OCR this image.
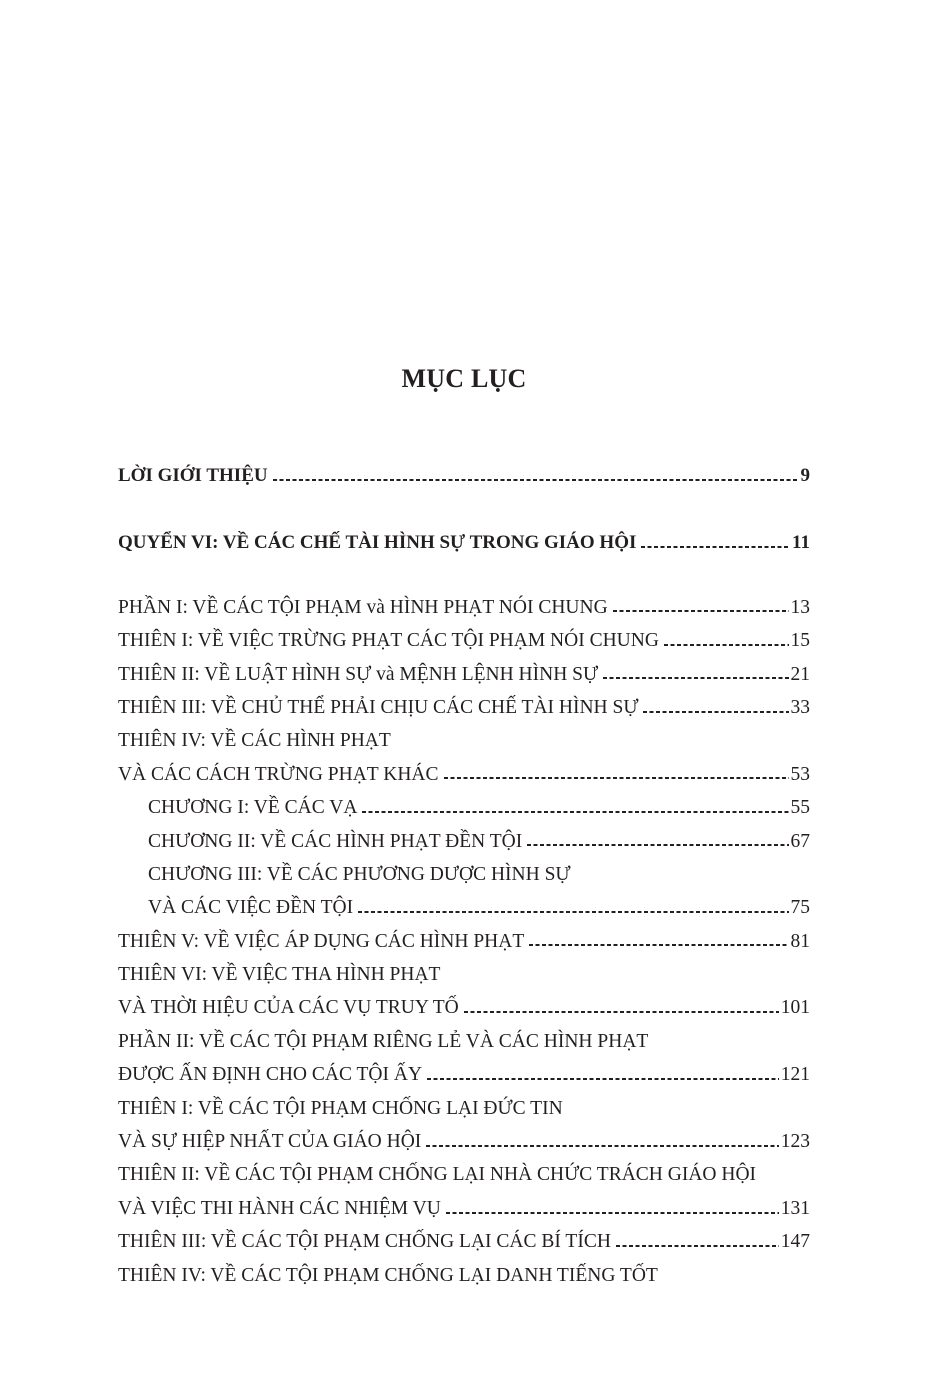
MỤC LỤC
LỜI GIỚI THIỆU	9
QUYỂN VI: VỀ CÁC CHẾ TÀI HÌNH SỰ TRONG GIÁO HỘI	11
PHẦN I: VỀ CÁC TỘI PHẠM và HÌNH PHẠT NÓI CHUNG	13
THIÊN I: VỀ VIỆC TRỪNG PHẠT CÁC TỘI PHẠM NÓI CHUNG	15
THIÊN II: VỀ LUẬT HÌNH SỰ và MỆNH LỆNH HÌNH SỰ	21
THIÊN III: VỀ CHỦ THỂ PHẢI CHỊU CÁC CHẾ TÀI HÌNH SỰ	33
THIÊN IV: VỀ CÁC HÌNH PHẠT
VÀ CÁC CÁCH TRỪNG PHẠT KHÁC	53
CHƯƠNG I: VỀ CÁC VẠ	55
CHƯƠNG II: VỀ CÁC HÌNH PHẠT ĐỀN TỘI	67
CHƯƠNG III: VỀ CÁC PHƯƠNG DƯỢC HÌNH SỰ
VÀ CÁC VIỆC ĐỀN TỘI	75
THIÊN V: VỀ VIỆC ÁP DỤNG CÁC HÌNH PHẠT	81
THIÊN VI: VỀ VIỆC THA HÌNH PHẠT
VÀ THỜI HIỆU CỦA CÁC VỤ TRUY TỐ	101
PHẦN II: VỀ CÁC TỘI PHẠM RIÊNG LẺ VÀ CÁC HÌNH PHẠT
ĐƯỢC ẤN ĐỊNH CHO CÁC TỘI ẤY	121
THIÊN I: VỀ CÁC TỘI PHẠM CHỐNG LẠI ĐỨC TIN
VÀ SỰ HIỆP NHẤT CỦA GIÁO HỘI	123
THIÊN II: VỀ CÁC TỘI PHẠM CHỐNG LẠI NHÀ CHỨC TRÁCH GIÁO HỘI
VÀ VIỆC THI HÀNH CÁC NHIỆM VỤ	131
THIÊN III: VỀ CÁC TỘI PHẠM CHỐNG LẠI CÁC BÍ TÍCH	147
THIÊN IV: VỀ CÁC TỘI PHẠM CHỐNG LẠI DANH TIẾNG TỐT
